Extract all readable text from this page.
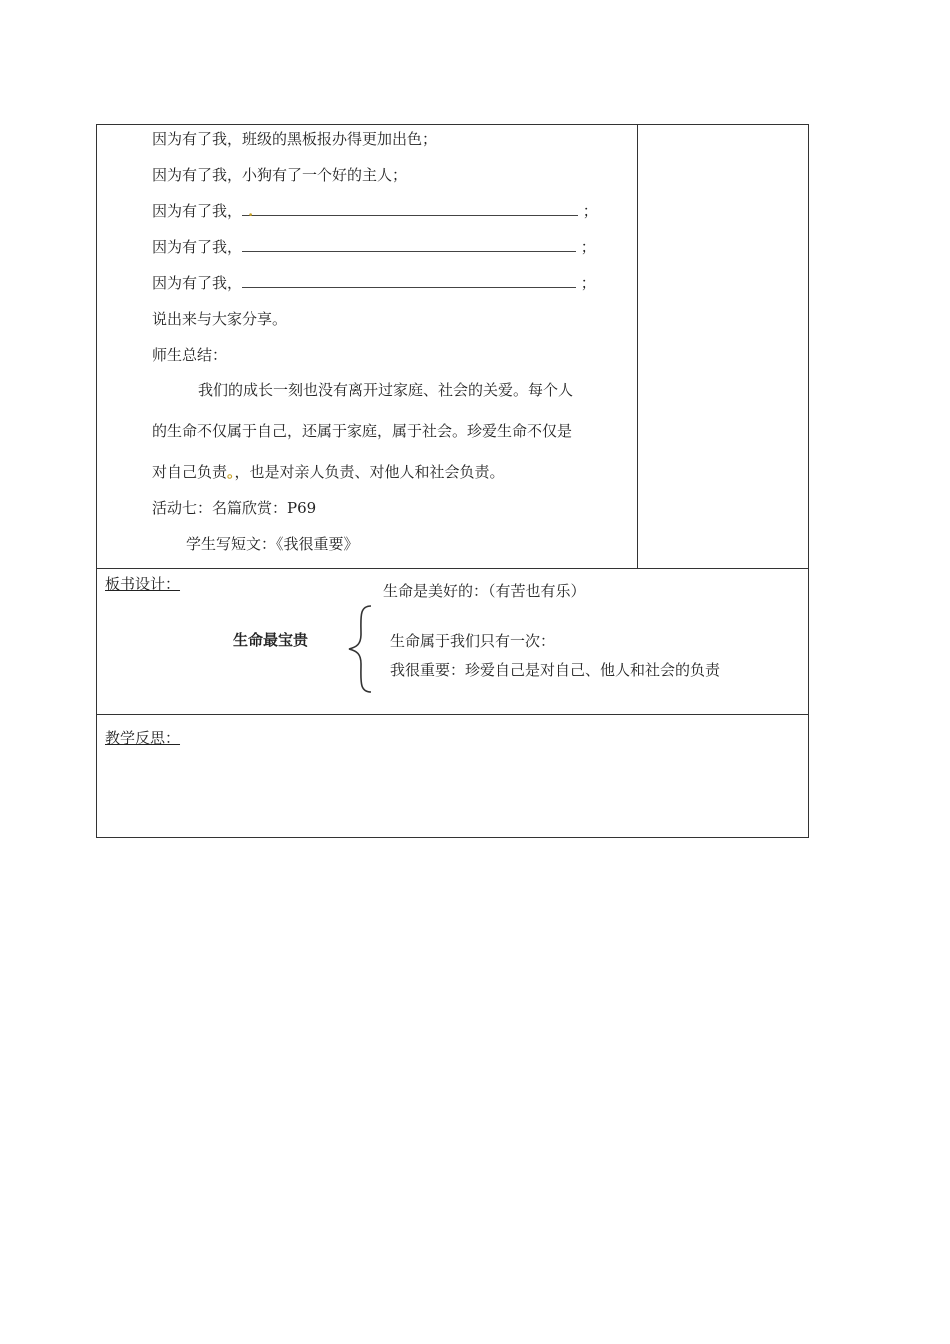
因为有了我，班级的黑板报办得更加出色；
因为有了我，小狗有了一个好的主人；
因为有了我， .	；
因为有了我，	；
因为有了我，	；
说出来与大家分享。
师生总结：
我们的成长一刻也没有离开过家庭、社会的关爱。每个人
的生命不仅属于自己，还属于家庭，属于社会。珍爱生命不仅是
对自己负责。，也是对亲人负责、对他人和社会负责。
活动七：名篇欣赏：P69
学生写短文：《我很重要》
板书设计：	生命是美好的：（有苦也有乐）
生命最宝贵	生命属于我们只有一次：
我很重要：珍爱自己是对自己、他人和社会的负责
教学反思：
